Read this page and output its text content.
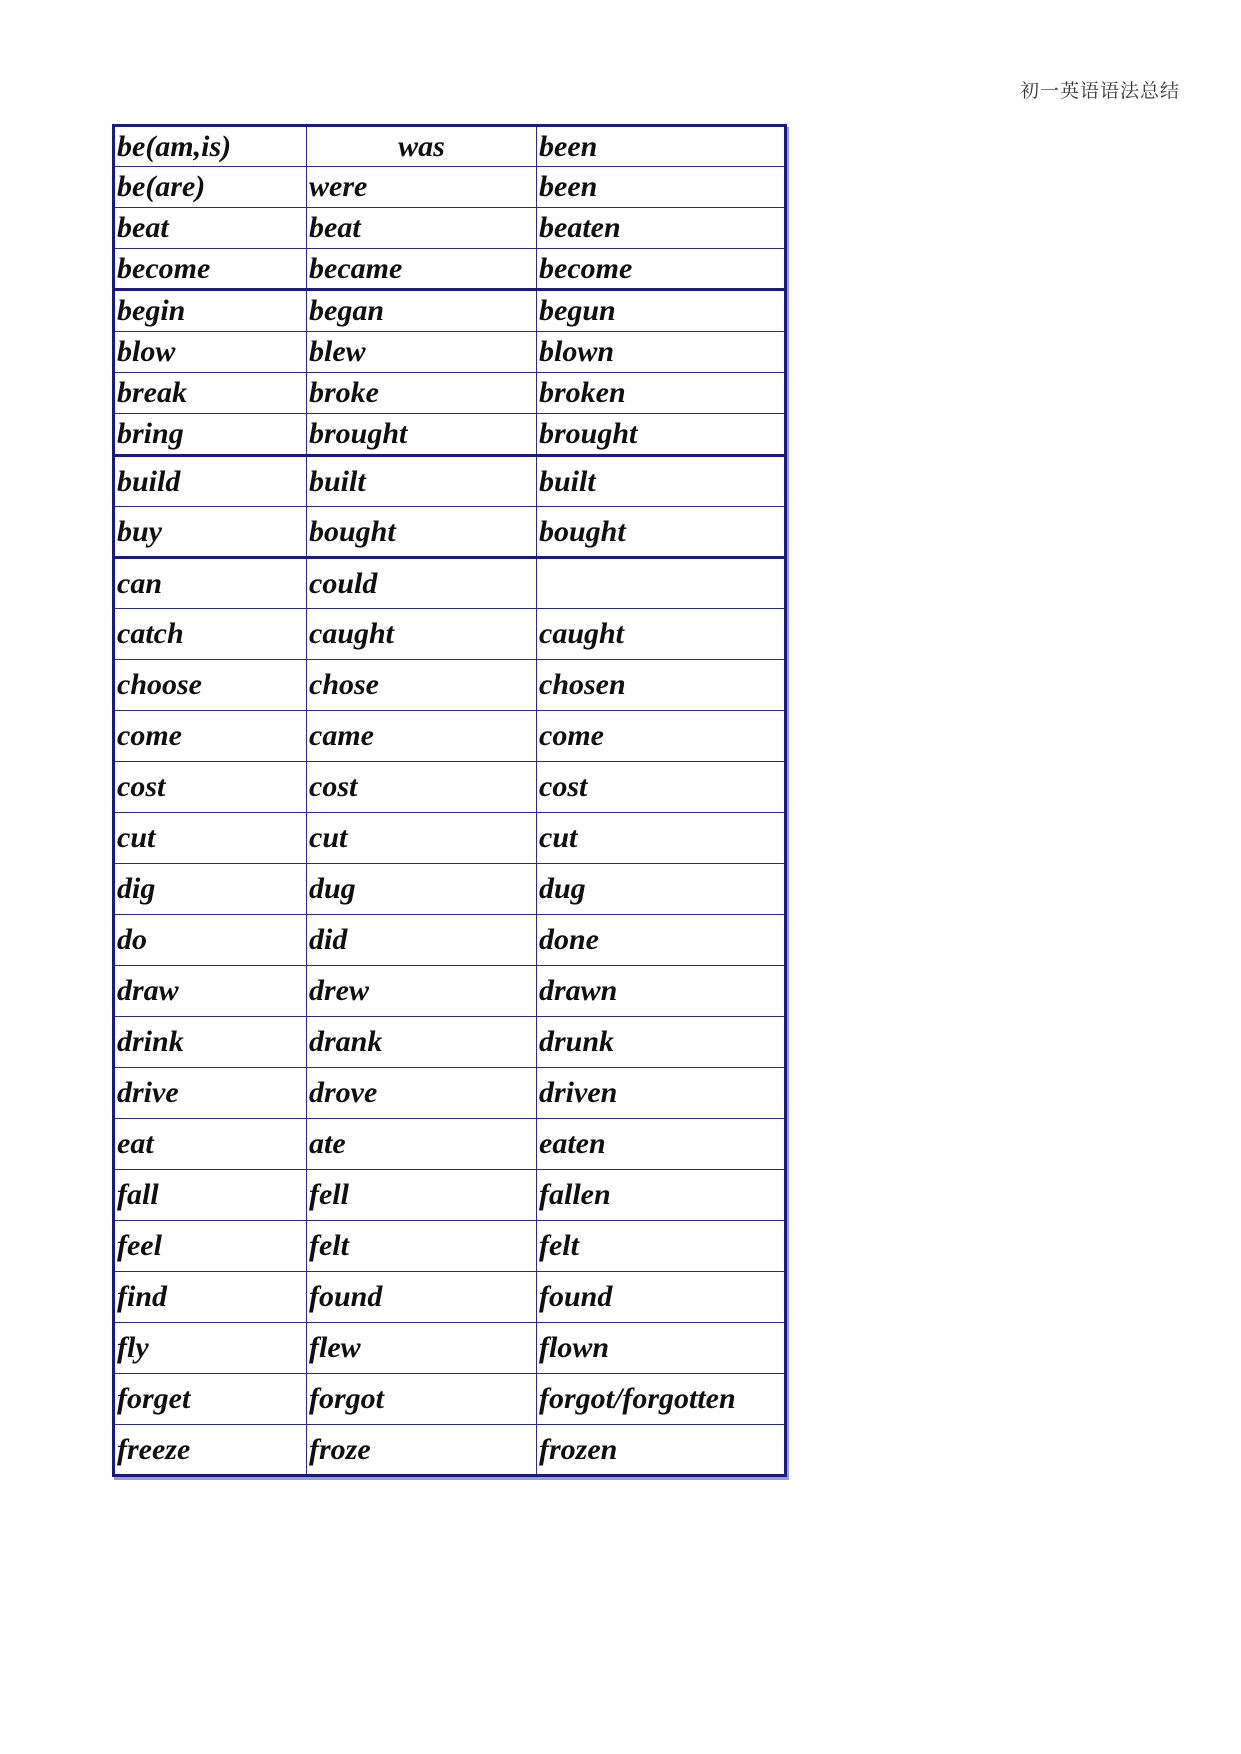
初一英语语法总结
be(am,is)	was	been
be(are)	were	been
beat	beat	beaten
become	became	become
begin	began	begun
blow	blew	blown
break	broke	broken
bring	brought	brought
build	built	built
buy	bought	bought
can	could	
catch	caught	caught
choose	chose	chosen
come	came	come
cost	cost	cost
cut	cut	cut
dig	dug	dug
do	did	done
draw	drew	drawn
drink	drank	drunk
drive	drove	driven
eat	ate	eaten
fall	fell	fallen
feel	felt	felt
find	found	found
fly	flew	flown
forget	forgot	forgot/forgotten
freeze	froze	frozen
